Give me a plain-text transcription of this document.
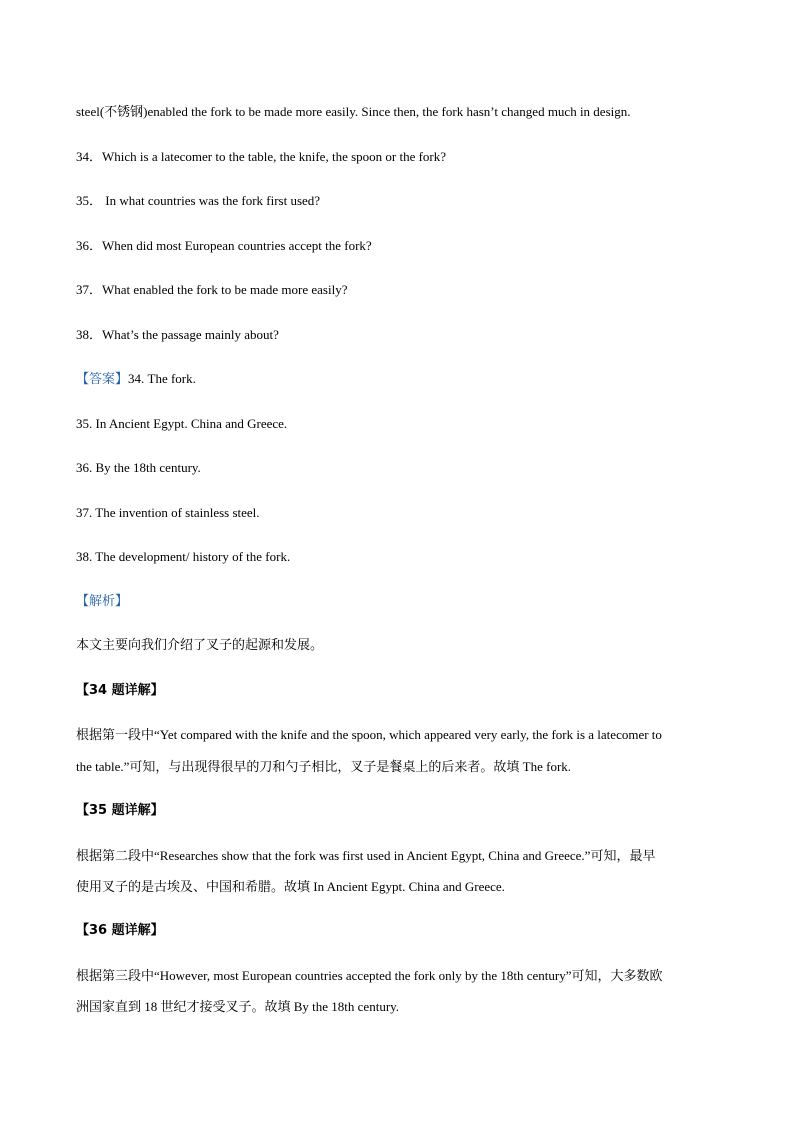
steel(不锈钢)enabled the fork to be made more easily. Since then, the fork hasn’t changed much in design.
34．Which is a latecomer to the table, the knife, the spoon or the fork?
35． In what countries was the fork first used?
36．When did most European countries accept the fork?
37．What enabled the fork to be made more easily?
38．What’s the passage mainly about?
【答案】34. The fork.
35. In Ancient Egypt. China and Greece.
36. By the 18th century.
37. The invention of stainless steel.
38. The development/ history of the fork.
【解析】
本文主要向我们介绍了叉子的起源和发展。
【34 题详解】
根据第一段中“Yet compared with the knife and the spoon, which appeared very early, the fork is a latecomer to
the table.”可知，与出现得很早的刀和勺子相比，叉子是餐桌上的后来者。故填 The fork.
【35 题详解】
根据第二段中“Researches show that the fork was first used in Ancient Egypt, China and Greece.”可知，最早
使用叉子的是古埃及、中国和希腊。故填 In Ancient Egypt. China and Greece.
【36 题详解】
根据第三段中“However, most European countries accepted the fork only by the 18th century”可知，大多数欧
洲国家直到 18 世纪才接受叉子。故填 By the 18th century.
